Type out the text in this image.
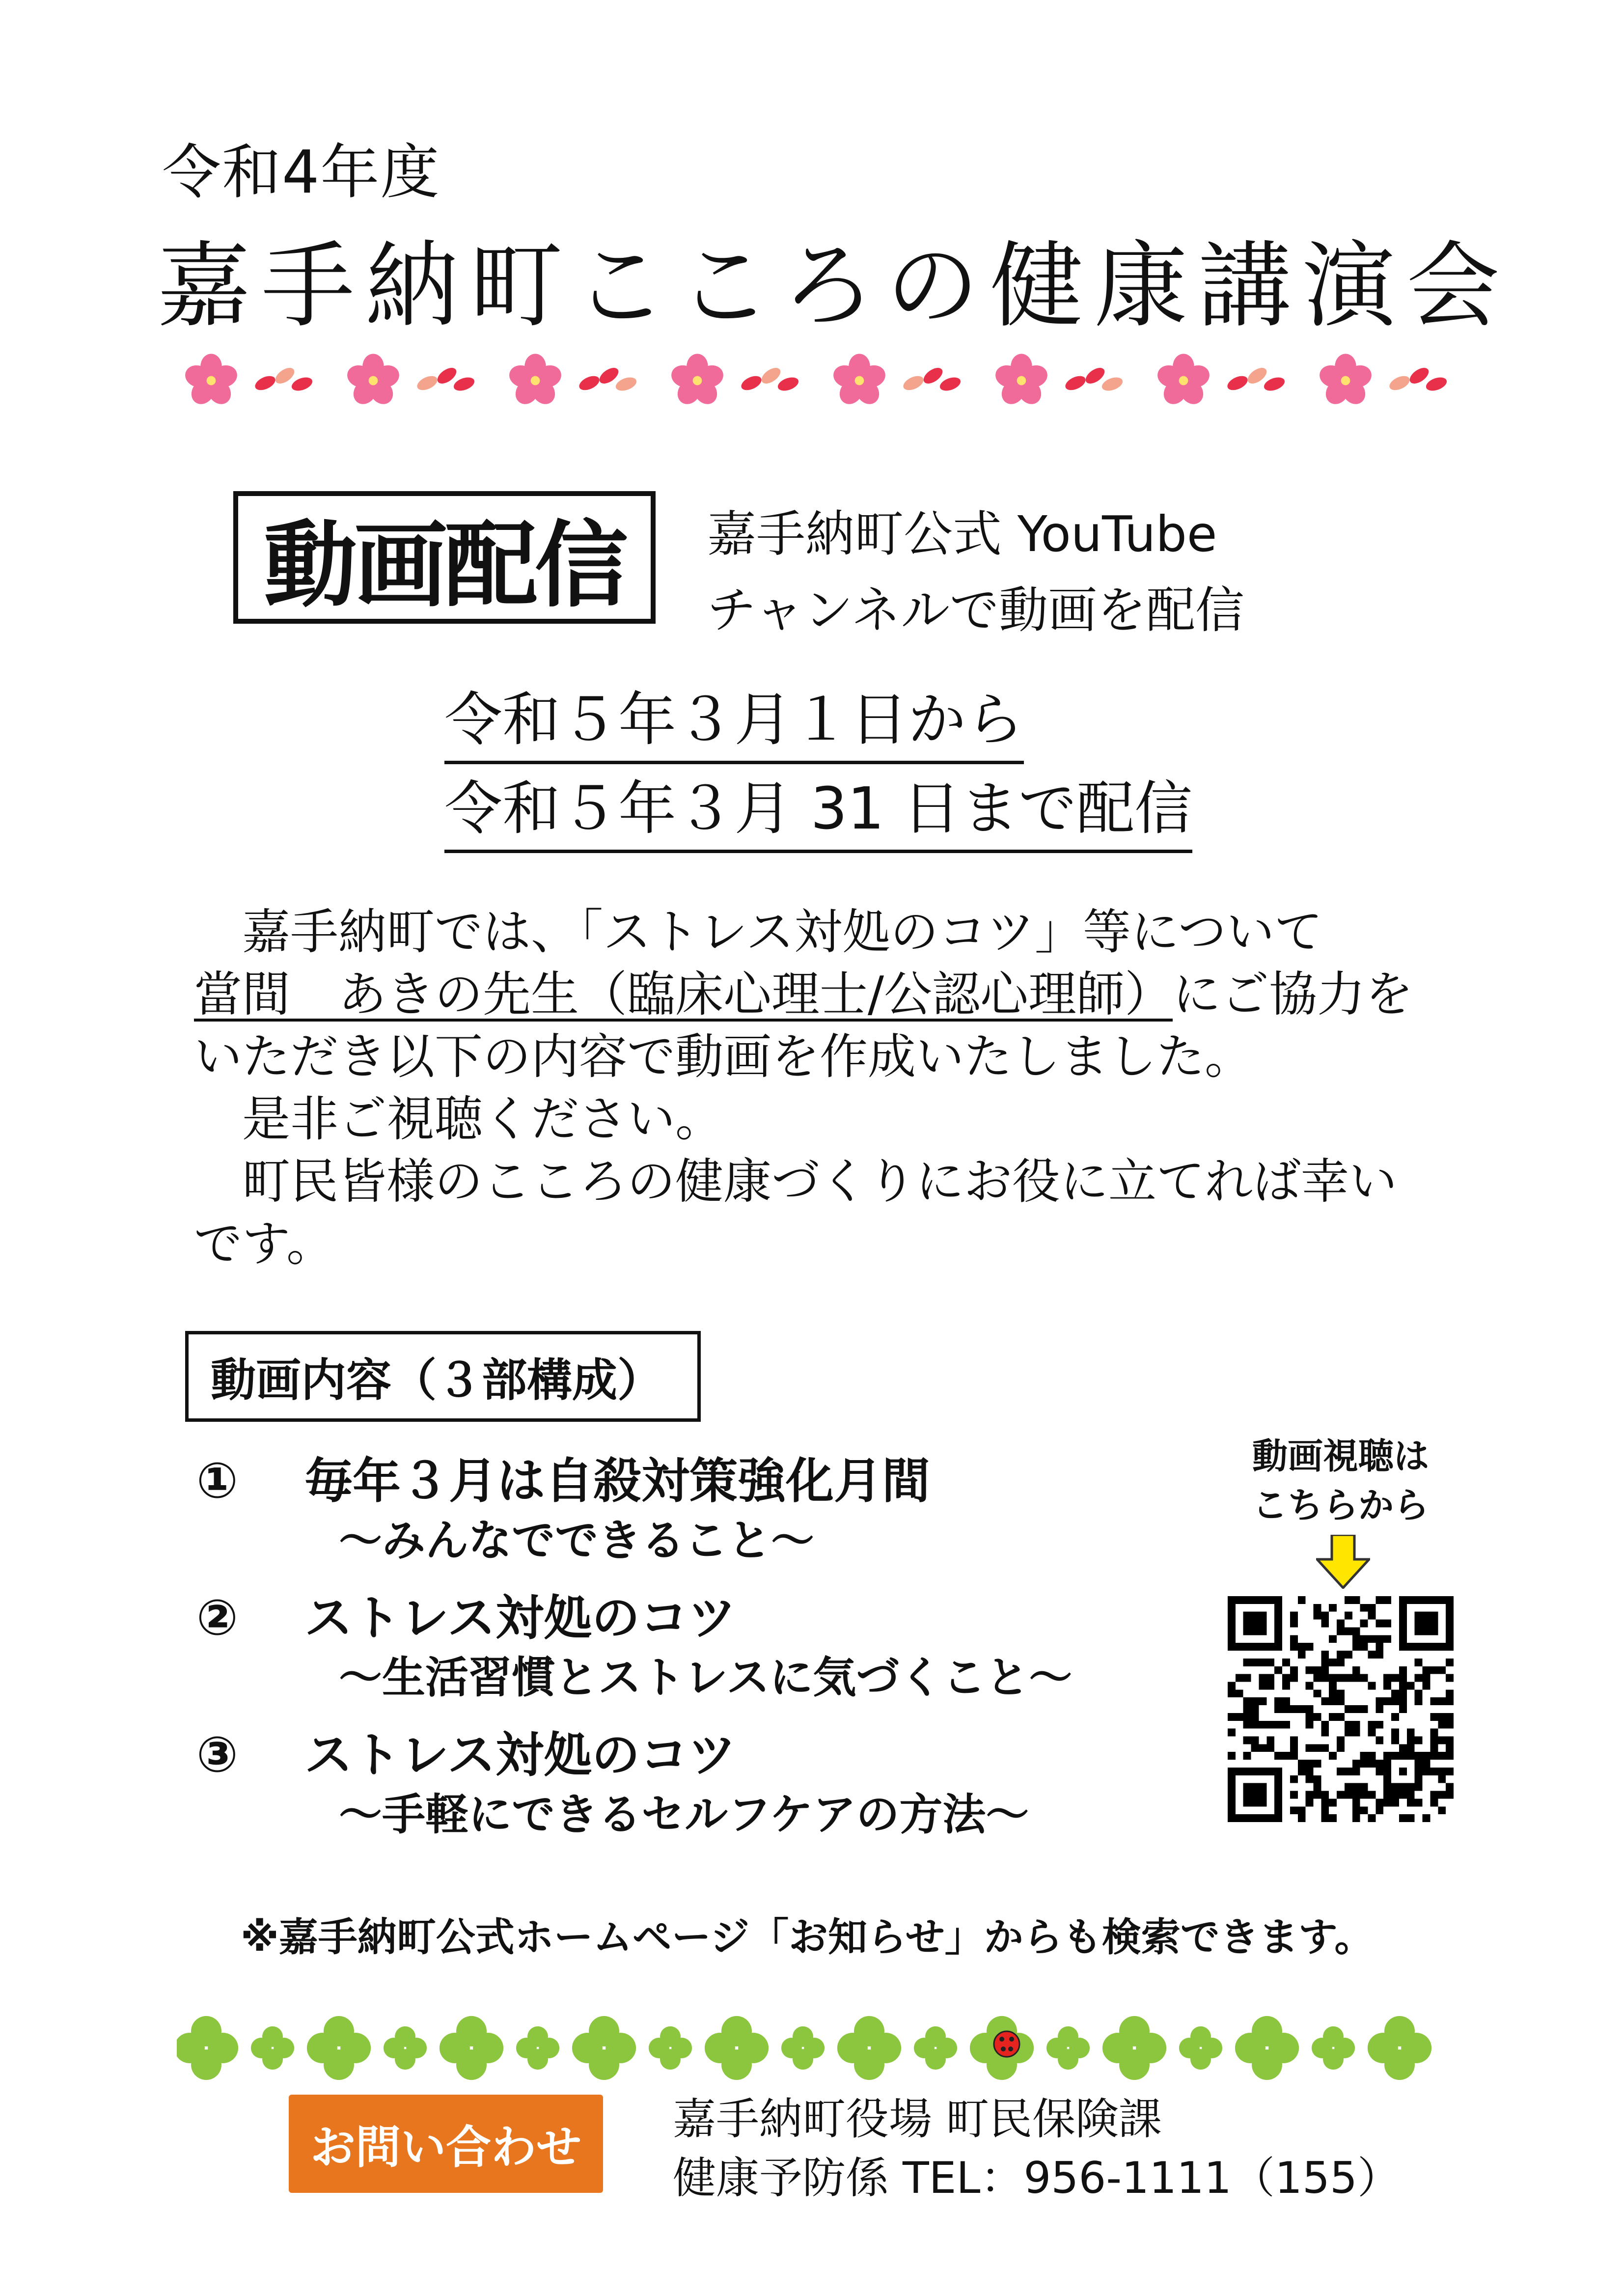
令和4年度
嘉手納町こころの健康講演会
動画配信	嘉手納町公式 YouTube
チャンネルで動画を配信
令和５年３月１日から
令和５年３月 31 日まで配信

　嘉手納町では、「ストレス対処のコツ」等について

當間　あきの先生（臨床心理士/公認心理師）にご協力を

いただき以下の内容で動画を作成いたしました。

　是非ご視聴ください。

　町民皆様のこころの健康づくりにお役に立てれば幸い

です。

動画内容（３部構成）
①	毎年３月は自殺対策強化月間
～みんなでできること～
②	ストレス対処のコツ
～生活習慣とストレスに気づくこと～
③	ストレス対処のコツ
～手軽にできるセルフケアの方法～
動画視聴は
こちらから
※嘉手納町公式ホームページ「お知らせ」からも検索できます。
お問い合わせ
嘉手納町役場 町民保険課
健康予防係 TEL：956-1111（155）
